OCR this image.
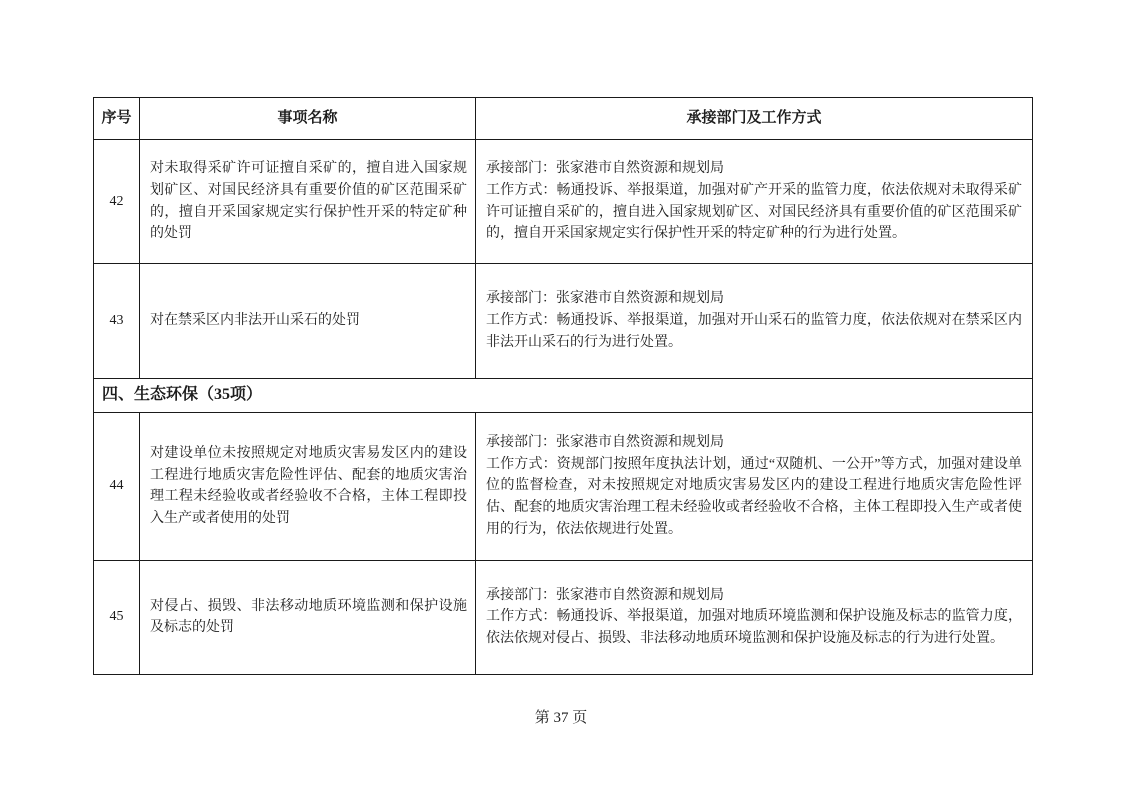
序号	事项名称	承接部门及工作方式
42	对未取得采矿许可证擅自采矿的，擅自进入国家规划矿区、对国民经济具有重要价值的矿区范围采矿的，擅自开采国家规定实行保护性开采的特定矿种的处罚	承接部门：张家港市自然资源和规划局
工作方式：畅通投诉、举报渠道，加强对矿产开采的监管力度，依法依规对未取得采矿许可证擅自采矿的，擅自进入国家规划矿区、对国民经济具有重要价值的矿区范围采矿的，擅自开采国家规定实行保护性开采的特定矿种的行为进行处置。

43	对在禁采区内非法开山采石的处罚	承接部门：张家港市自然资源和规划局
工作方式：畅通投诉、举报渠道，加强对开山采石的监管力度，依法依规对在禁采区内非法开山采石的行为进行处置。

四、生态环保（35项）		
44	对建设单位未按照规定对地质灾害易发区内的建设工程进行地质灾害危险性评估、配套的地质灾害治理工程未经验收或者经验收不合格，主体工程即投入生产或者使用的处罚	承接部门：张家港市自然资源和规划局
工作方式：资规部门按照年度执法计划，通过“双随机、一公开”等方式，加强对建设单位的监督检查，对未按照规定对地质灾害易发区内的建设工程进行地质灾害危险性评估、配套的地质灾害治理工程未经验收或者经验收不合格，主体工程即投入生产或者使用的行为，依法依规进行处置。

45	对侵占、损毁、非法移动地质环境监测和保护设施及标志的处罚	承接部门：张家港市自然资源和规划局
工作方式：畅通投诉、举报渠道，加强对地质环境监测和保护设施及标志的监管力度，依法依规对侵占、损毁、非法移动地质环境监测和保护设施及标志的行为进行处置。
第 37 页
